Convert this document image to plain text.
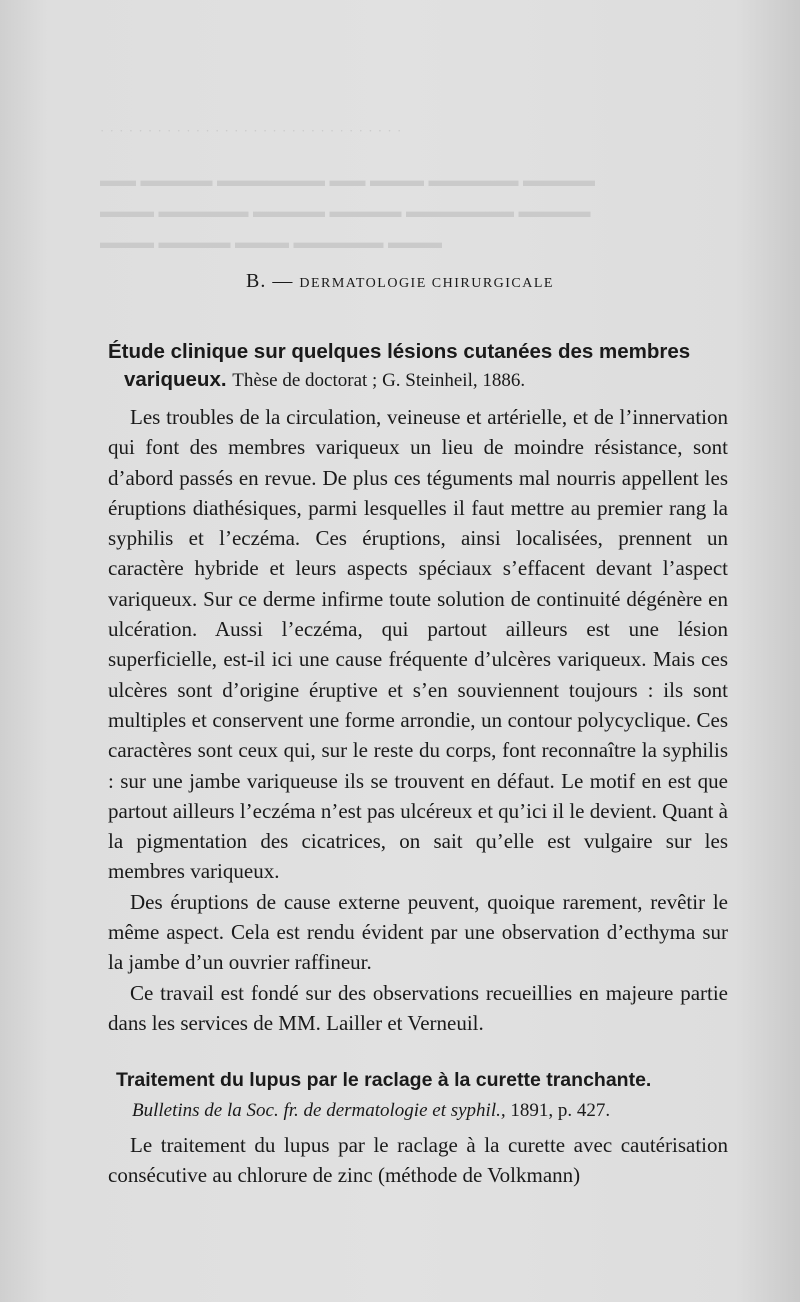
· · · · · · · · · · · · · · · · · · · · · · · · · · · · · · · ·
▬▬ ▬▬▬▬ ▬▬▬▬▬▬ ▬▬ ▬▬▬ ▬▬▬▬▬ ▬▬▬▬
▬▬▬ ▬▬▬▬▬ ▬▬▬▬ ▬▬▬▬ ▬▬▬▬▬▬ ▬▬▬▬
▬▬▬ ▬▬▬▬ ▬▬▬ ▬▬▬▬▬ ▬▬▬
B. — DERMATOLOGIE CHIRURGICALE
Étude clinique sur quelques lésions cutanées des membres
variqueux. Thèse de doctorat ; G. Steinheil, 1886.

Les troubles de la circulation, veineuse et artérielle, et de l’innervation qui font des membres variqueux un lieu de moindre résistance, sont d’abord passés en revue. De plus ces téguments mal nourris appellent les éruptions diathésiques, parmi lesquelles il faut mettre au premier rang la syphilis et l’eczéma. Ces éruptions, ainsi localisées, prennent un caractère hybride et leurs aspects spéciaux s’effacent devant l’aspect variqueux. Sur ce derme infirme toute solution de continuité dégénère en ulcération. Aussi l’eczéma, qui partout ailleurs est une lésion superficielle, est-il ici une cause fréquente d’ulcères variqueux. Mais ces ulcères sont d’origine éruptive et s’en souviennent toujours : ils sont multiples et conservent une forme arrondie, un contour polycyclique. Ces caractères sont ceux qui, sur le reste du corps, font reconnaître la syphilis : sur une jambe variqueuse ils se trouvent en défaut. Le motif en est que partout ailleurs l’eczéma n’est pas ulcéreux et qu’ici il le devient. Quant à la pigmentation des cicatrices, on sait qu’elle est vulgaire sur les membres variqueux.

Des éruptions de cause externe peuvent, quoique rarement, revêtir le même aspect. Cela est rendu évident par une observation d’ecthyma sur la jambe d’un ouvrier raffineur.

Ce travail est fondé sur des observations recueillies en majeure partie dans les services de MM. Lailler et Verneuil.

Traitement du lupus par le raclage à la curette tranchante.
Bulletins de la Soc. fr. de dermatologie et syphil., 1891, p. 427.

Le traitement du lupus par le raclage à la curette avec cautérisation consécutive au chlorure de zinc (méthode de Volkmann)
